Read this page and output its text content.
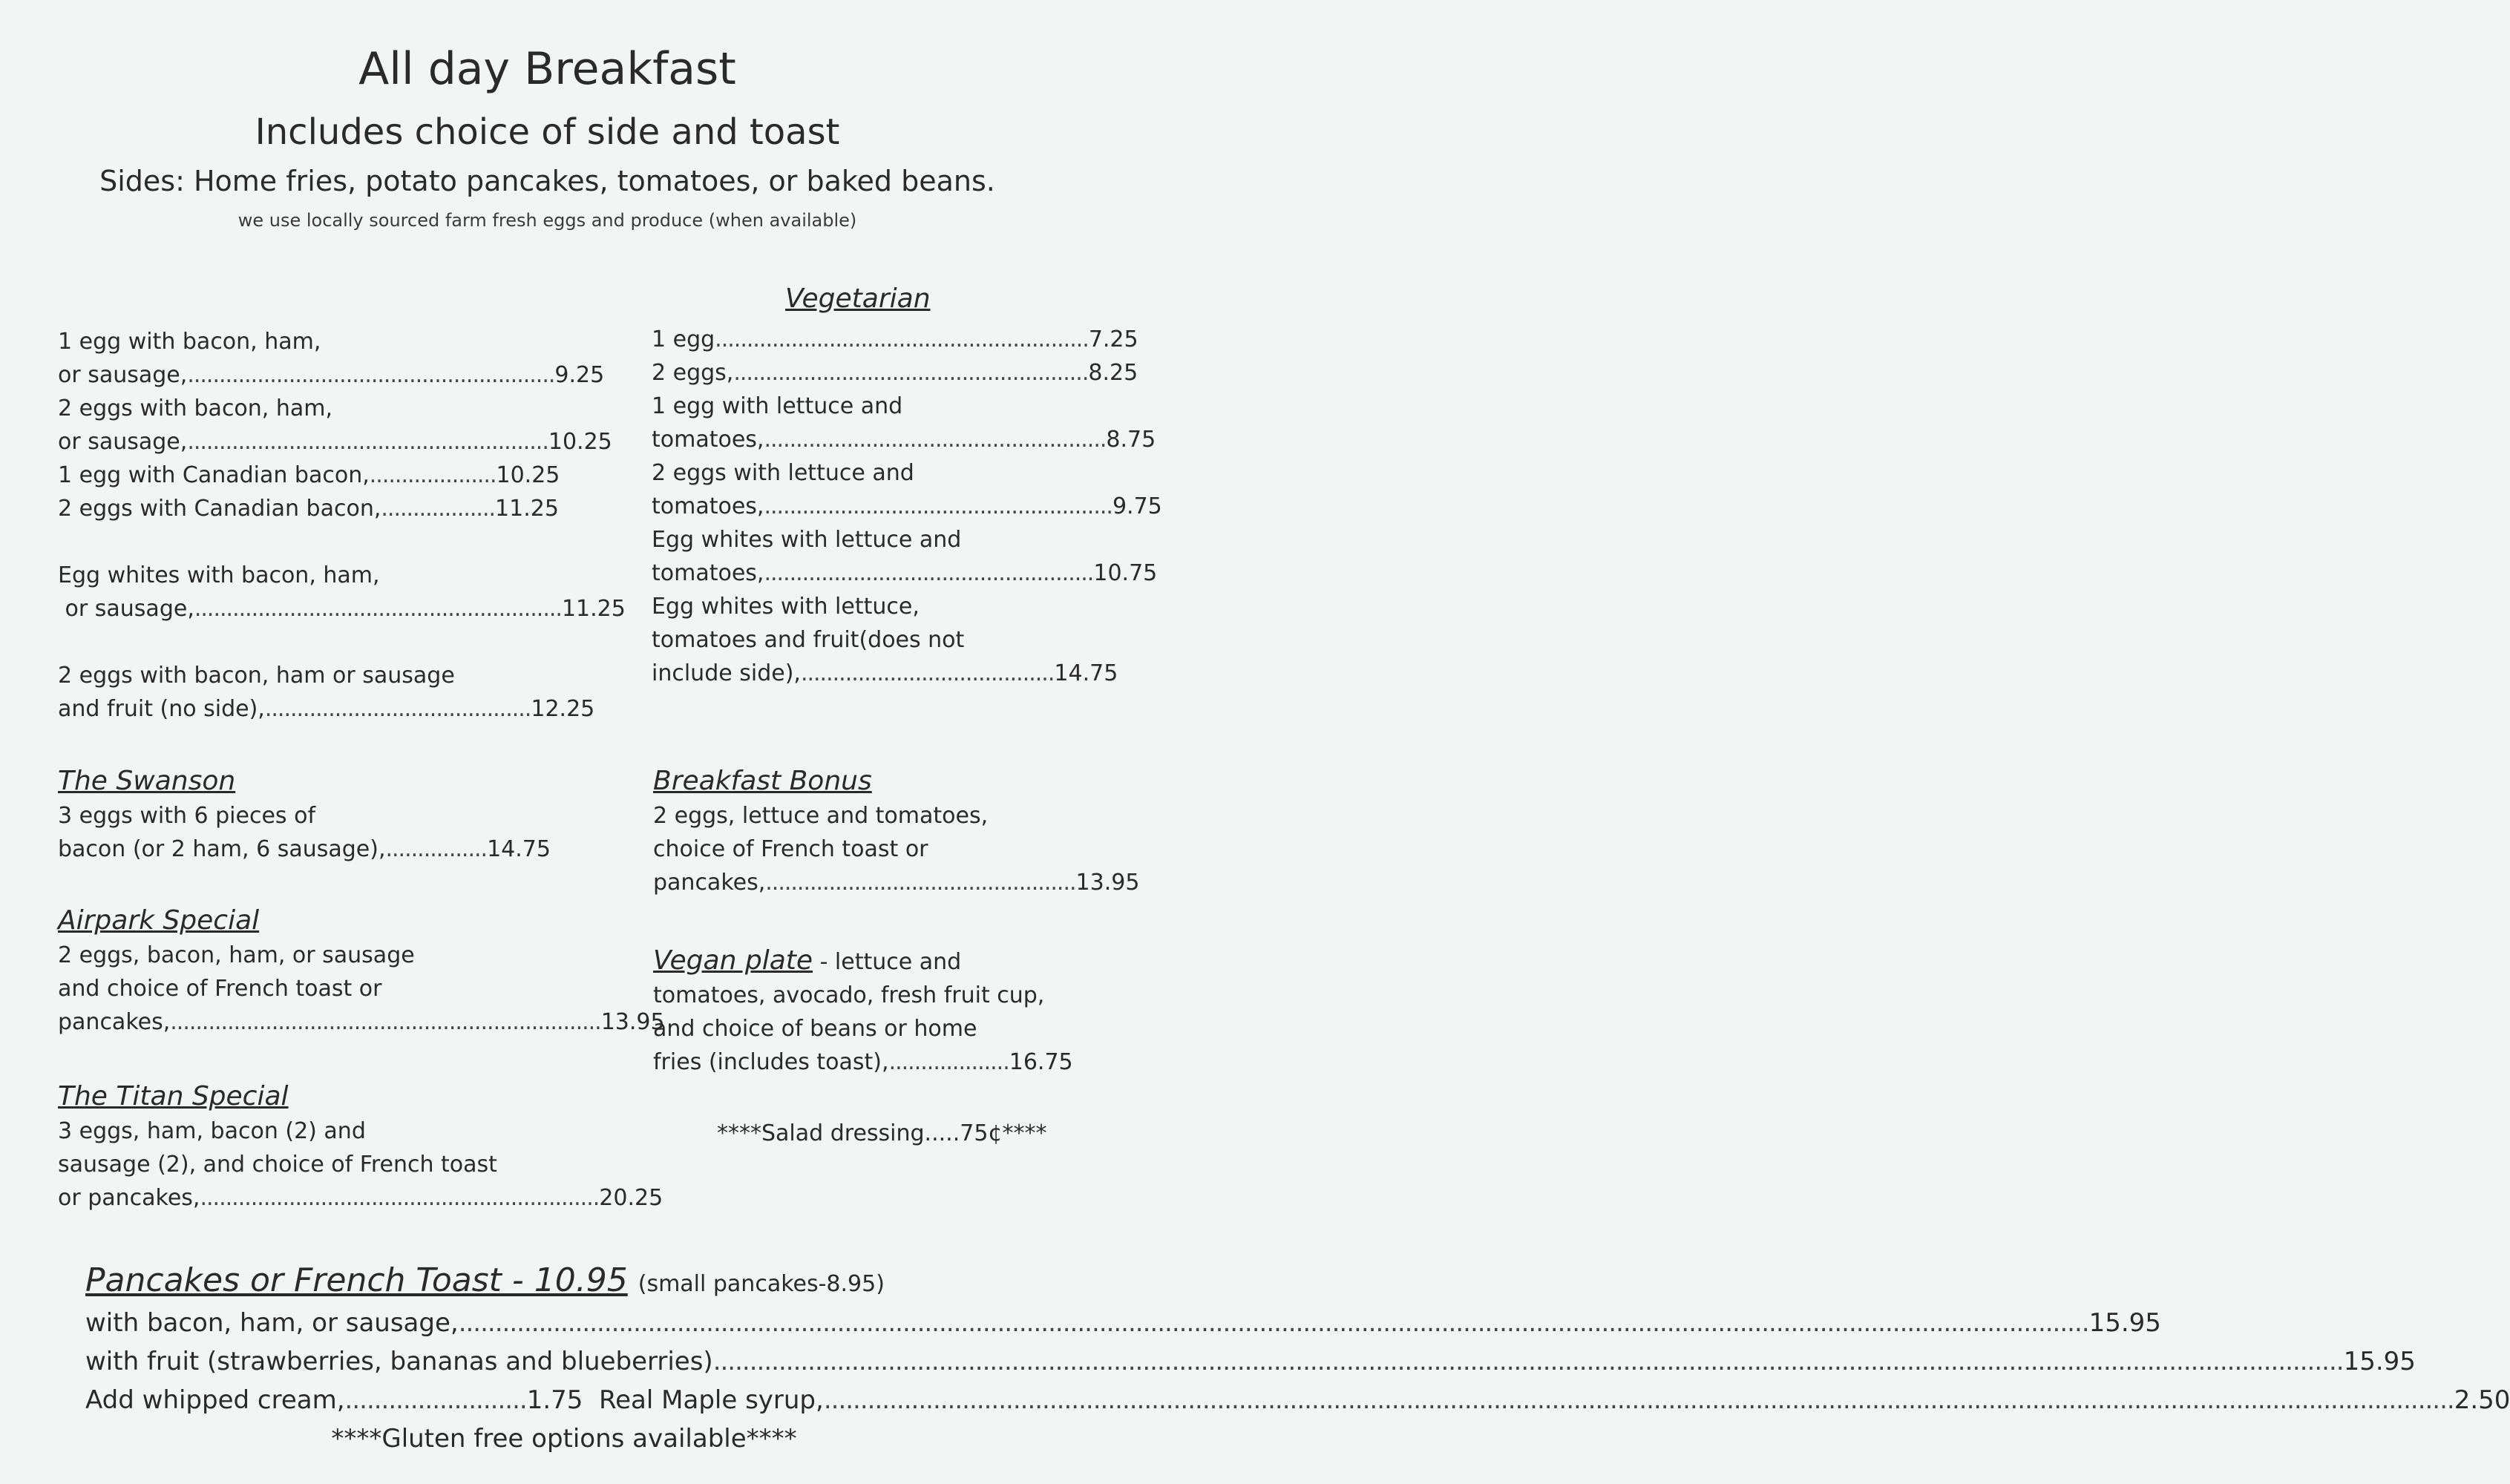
All day Breakfast
Includes choice of side and toast
Sides: Home fries, potato pancakes, tomatoes, or baked beans.
we use locally sourced farm fresh eggs and produce (when available)
1 egg with bacon, ham,
or sausage,..........................................................9.25
2 eggs with bacon, ham,
or sausage,.........................................................10.25
1 egg with Canadian bacon,....................10.25
2 eggs with Canadian bacon,..................11.25
Egg whites with bacon, ham,
or sausage,..........................................................11.25
2 eggs with bacon, ham or sausage
and fruit (no side),..........................................12.25
The Swanson
3 eggs with 6 pieces of
bacon (or 2 ham, 6 sausage),................14.75
Airpark Special
2 eggs, bacon, ham, or sausage
and choice of French toast or
pancakes,....................................................................13.95
The Titan Special
3 eggs, ham, bacon (2) and
sausage (2), and choice of French toast
or pancakes,...............................................................20.25
Vegetarian
1 egg...........................................................7.25
2 eggs,........................................................8.25
1 egg with lettuce and
tomatoes,......................................................8.75
2 eggs with lettuce and
tomatoes,.......................................................9.75
Egg whites with lettuce and
tomatoes,....................................................10.75
Egg whites with lettuce,
tomatoes and fruit(does not
include side),........................................14.75
Breakfast Bonus
2 eggs, lettuce and tomatoes,
choice of French toast or
pancakes,.................................................13.95
Vegan plate - lettuce and
tomatoes, avocado, fresh fruit cup,
and choice of beans or home
fries (includes toast),...................16.75
****Salad dressing.....75¢****
Pancakes or French Toast - 10.95 (small pancakes-8.95)
with bacon, ham, or sausage, .....	15.95
with fruit (strawberries, bananas and blueberries) .....	15.95
Add whipped cream, ......................... 1.75
Real Maple syrup, .....	2.50
****Gluten free options available****
